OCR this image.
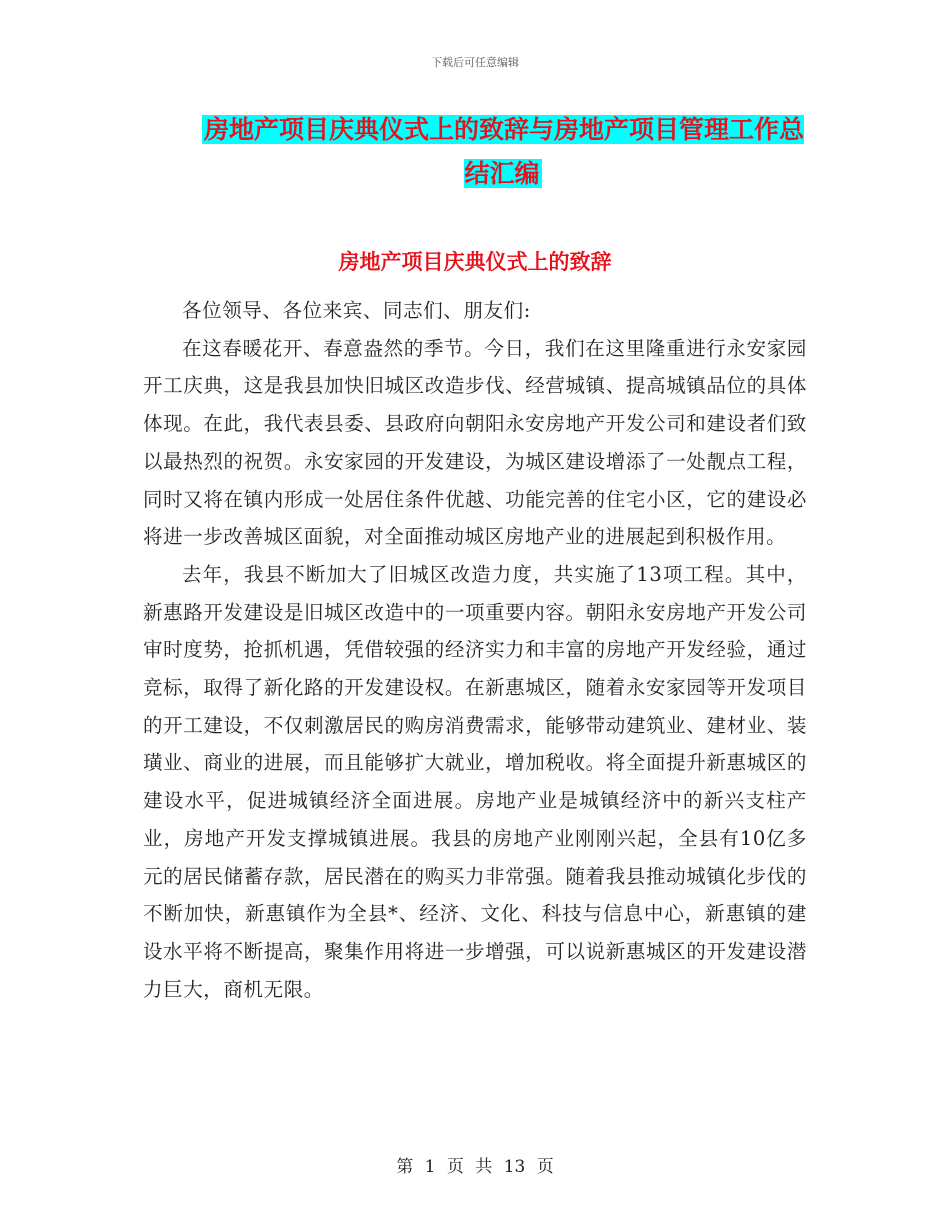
下载后可任意编辑
房地产项目庆典仪式上的致辞与房地产项目管理工作总结汇编
房地产项目庆典仪式上的致辞

各位领导、各位来宾、同志们、朋友们:

在这春暖花开、春意盎然的季节。今日，我们在这里隆重进行永安家园开工庆典，这是我县加快旧城区改造步伐、经营城镇、提高城镇品位的具体体现。在此，我代表县委、县政府向朝阳永安房地产开发公司和建设者们致以最热烈的祝贺。永安家园的开发建设，为城区建设增添了一处靓点工程，同时又将在镇内形成一处居住条件优越、功能完善的住宅小区，它的建设必将进一步改善城区面貌，对全面推动城区房地产业的进展起到积极作用。

去年，我县不断加大了旧城区改造力度，共实施了13项工程。其中，新惠路开发建设是旧城区改造中的一项重要内容。朝阳永安房地产开发公司审时度势，抢抓机遇，凭借较强的经济实力和丰富的房地产开发经验，通过竞标，取得了新化路的开发建设权。在新惠城区，随着永安家园等开发项目的开工建设，不仅刺激居民的购房消费需求，能够带动建筑业、建材业、装璜业、商业的进展，而且能够扩大就业，增加税收。将全面提升新惠城区的建设水平，促进城镇经济全面进展。房地产业是城镇经济中的新兴支柱产业，房地产开发支撑城镇进展。我县的房地产业刚刚兴起，全县有10亿多元的居民储蓄存款，居民潜在的购买力非常强。随着我县推动城镇化步伐的不断加快，新惠镇作为全县*、经济、文化、科技与信息中心，新惠镇的建设水平将不断提高，聚集作用将进一步增强，可以说新惠城区的开发建设潜力巨大，商机无限。

第 1 页 共 13 页
